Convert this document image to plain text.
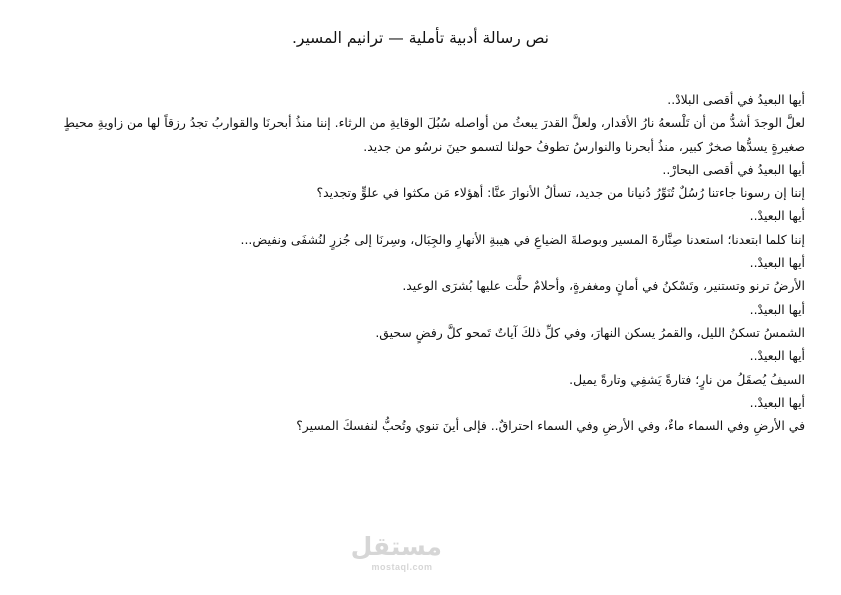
نص رسالة أدبية تأملية — ترانيم المسير.

أيها البعيدُ في أقصى البلادْ..

لعلَّ الوجدَ أشدُّ من أن تَلْسعهُ نارُ الأقدار، ولعلَّ القدرَ يبعثُ من أواصله سُبُلَ الوقايةِ من الرثاء. إننا منذُ أبحرنَا والقواربُ تجدُ رزقاً لها من زاويةِ محيطٍ صغيرةٍ يسدُّها صخرٌ كبير، منذُ أبحرنا والنوارسُ تطوفُ حولنا لتسمو حينَ نرسُو من جديد.

أيها البعيدُ في أقصى البحارْ..

إننا إن رسونا جاءتنا رُسُلٌ تُنَوِّرُ دُنيانا من جديد، تسألُ الأنوارَ عنَّا: أهؤلاء مَن مكثوا في علوٍّ وتجديد؟

أيها البعيدْ..

إننا كلما ابتعدنا؛ استعدنا صِنَّارةَ المسير وبوصلةَ الضياعِ في هيبةِ الأنهارِ والجِبَال، وسِرنَا إلى جُزرٍ لنُشفَى ونفيض...

أيها البعيدْ..

الأرضُ ترنو وتستنير، وتَسْكنُ في أمانٍ ومغفرةٍ، وأحلامٌ حلَّت عليها بُشرَى الوعيد.

أيها البعيدْ..

الشمسُ تسكنُ الليل، والقمرُ يسكن النهارَ، وفي كلِّ ذلكَ آياتٌ تَمحو كلَّ رفضٍ سحيق.

أيها البعيدْ..

السيفُ يُصقَلُ من نارٍ؛ فتارةً يَشفِي وتارةً يميل.

أيها البعيدْ..

في الأرضِ وفي السماء ماءٌ، وفي الأرضِ وفي السماء احتراقٌ.. فإلى أينَ تنوي وتُحبُّ لنفسكَ المسير؟

مستقل
mostaql.com
